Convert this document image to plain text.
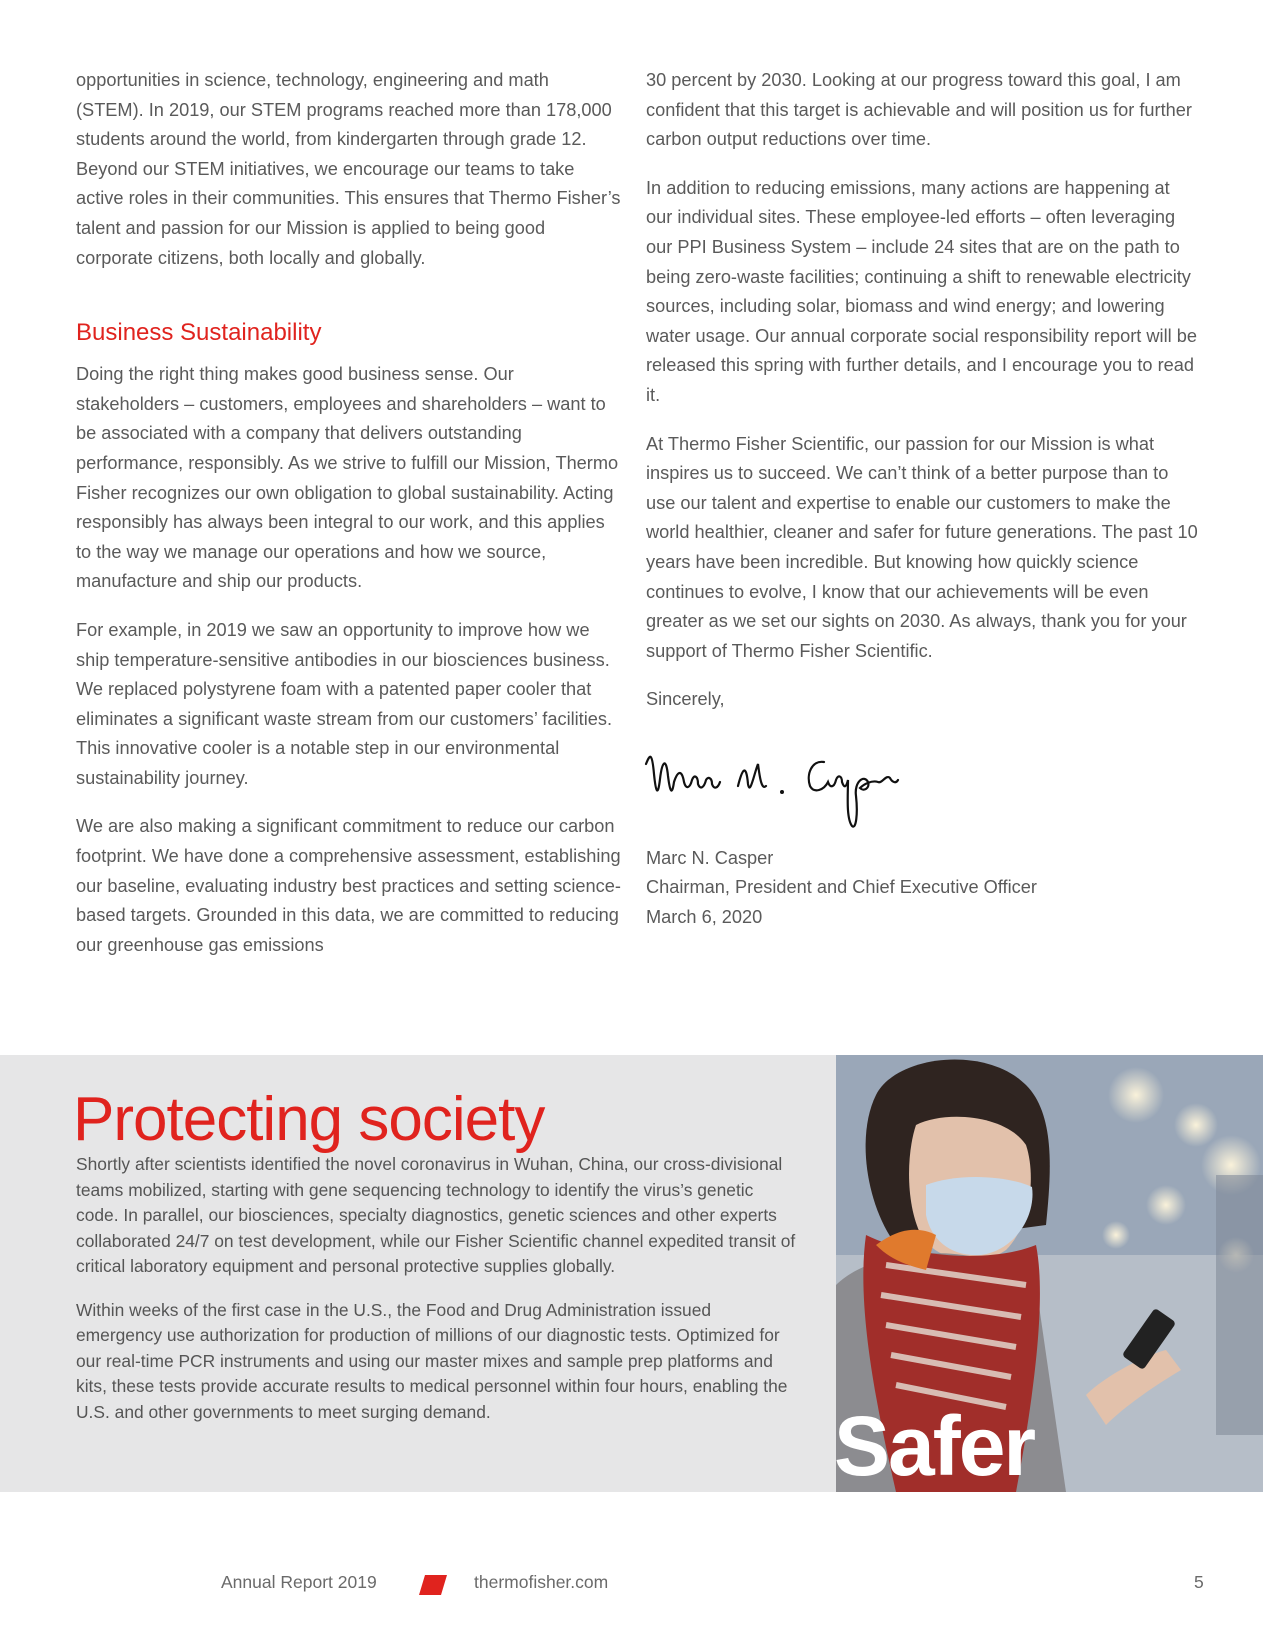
opportunities in science, technology, engineering and math (STEM). In 2019, our STEM programs reached more than 178,000 students around the world, from kindergarten through grade 12. Beyond our STEM initiatives, we encourage our teams to take active roles in their communities. This ensures that Thermo Fisher’s talent and passion for our Mission is applied to being good corporate citizens, both locally and globally.

Business Sustainability

Doing the right thing makes good business sense. Our stakeholders – customers, employees and shareholders – want to be associated with a company that delivers outstanding performance, responsibly. As we strive to fulfill our Mission, Thermo Fisher recognizes our own obligation to global sustainability. Acting responsibly has always been integral to our work, and this applies to the way we manage our operations and how we source, manufacture and ship our products.

For example, in 2019 we saw an opportunity to improve how we ship temperature-sensitive antibodies in our biosciences business. We replaced polystyrene foam with a patented paper cooler that eliminates a significant waste stream from our customers’ facilities. This innovative cooler is a notable step in our environmental sustainability journey.

We are also making a significant commitment to reduce our carbon footprint. We have done a comprehensive assessment, establishing our baseline, evaluating industry best practices and setting science-based targets. Grounded in this data, we are committed to reducing our greenhouse gas emissions

30 percent by 2030. Looking at our progress toward this goal, I am confident that this target is achievable and will position us for further carbon output reductions over time.

In addition to reducing emissions, many actions are happening at our individual sites. These employee-led efforts – often leveraging our PPI Business System – include 24 sites that are on the path to being zero-waste facilities; continuing a shift to renewable electricity sources, including solar, biomass and wind energy; and lowering water usage. Our annual corporate social responsibility report will be released this spring with further details, and I encourage you to read it.

At Thermo Fisher Scientific, our passion for our Mission is what inspires us to succeed. We can’t think of a better purpose than to use our talent and expertise to enable our customers to make the world healthier, cleaner and safer for future generations. The past 10 years have been incredible. But knowing how quickly science continues to evolve, I know that our achievements will be even greater as we set our sights on 2030. As always, thank you for your support of Thermo Fisher Scientific.

Sincerely,

Marc N. Casper
Chairman, President and Chief Executive Officer
March 6, 2020
Protecting society

Shortly after scientists identified the novel coronavirus in Wuhan, China, our cross-divisional teams mobilized, starting with gene sequencing technology to identify the virus’s genetic code. In parallel, our biosciences, specialty diagnostics, genetic sciences and other experts collaborated 24/7 on test development, while our Fisher Scientific channel expedited transit of critical laboratory equipment and personal protective supplies globally.

Within weeks of the first case in the U.S., the Food and Drug Administration issued emergency use authorization for production of millions of our diagnostic tests. Optimized for our real-time PCR instruments and using our master mixes and sample prep platforms and kits, these tests provide accurate results to medical personnel within four hours, enabling the U.S. and other governments to meet surging demand.	Safer
Annual Report 2019	thermofisher.com	5
